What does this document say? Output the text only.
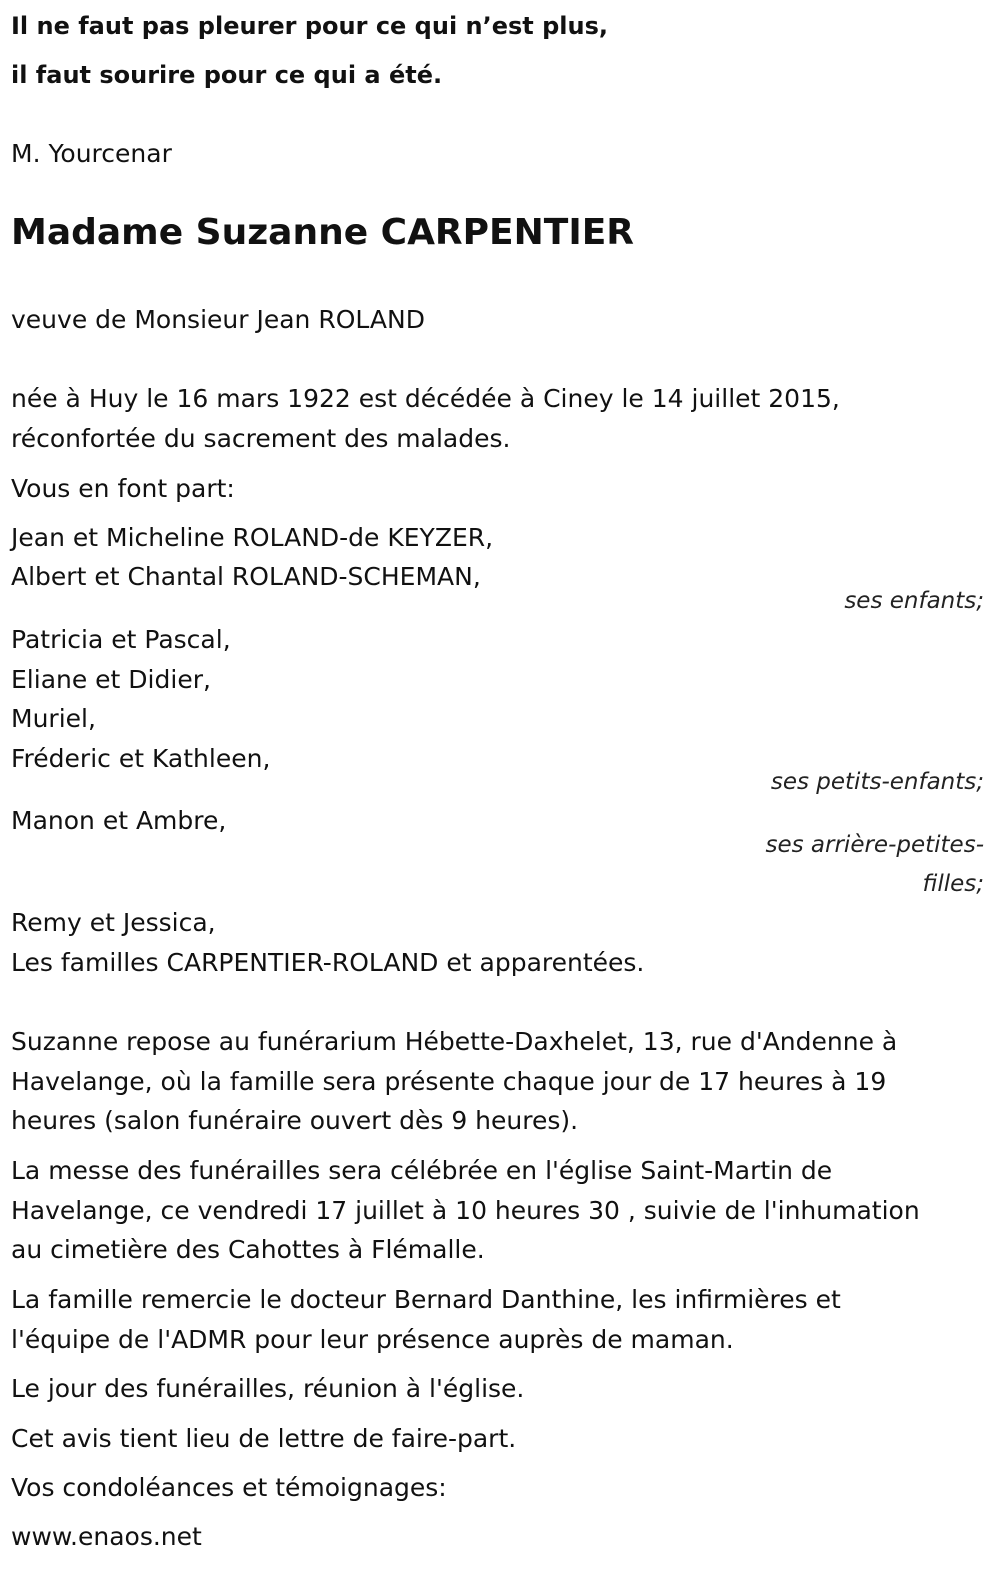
Il ne faut pas pleurer pour ce qui n’est plus,
il faut sourire pour ce qui a été.
M. Yourcenar
Madame Suzanne CARPENTIER
veuve de Monsieur Jean ROLAND
née à Huy le 16 mars 1922 est décédée à Ciney le 14 juillet 2015,
réconfortée du sacrement des malades.
Vous en font part:
Jean et Micheline ROLAND-de KEYZER,
Albert et Chantal ROLAND-SCHEMAN,
ses enfants;
Patricia et Pascal,
Eliane et Didier,
Muriel,
Fréderic et Kathleen,
ses petits-enfants;
Manon et Ambre,
ses arrière-petites-
filles;
Remy et Jessica,
Les familles CARPENTIER-ROLAND et apparentées.
Suzanne repose au funérarium Hébette-Daxhelet, 13, rue d'Andenne à
Havelange, où la famille sera présente chaque jour de 17 heures à 19
heures (salon funéraire ouvert dès 9 heures).
La messe des funérailles sera célébrée en l'église Saint-Martin de
Havelange, ce vendredi 17 juillet à 10 heures 30 , suivie de l'inhumation
au cimetière des Cahottes à Flémalle.
La famille remercie le docteur Bernard Danthine, les infirmières et
l'équipe de l'ADMR pour leur présence auprès de maman.
Le jour des funérailles, réunion à l'église.
Cet avis tient lieu de lettre de faire-part.
Vos condoléances et témoignages:
www.enaos.net
